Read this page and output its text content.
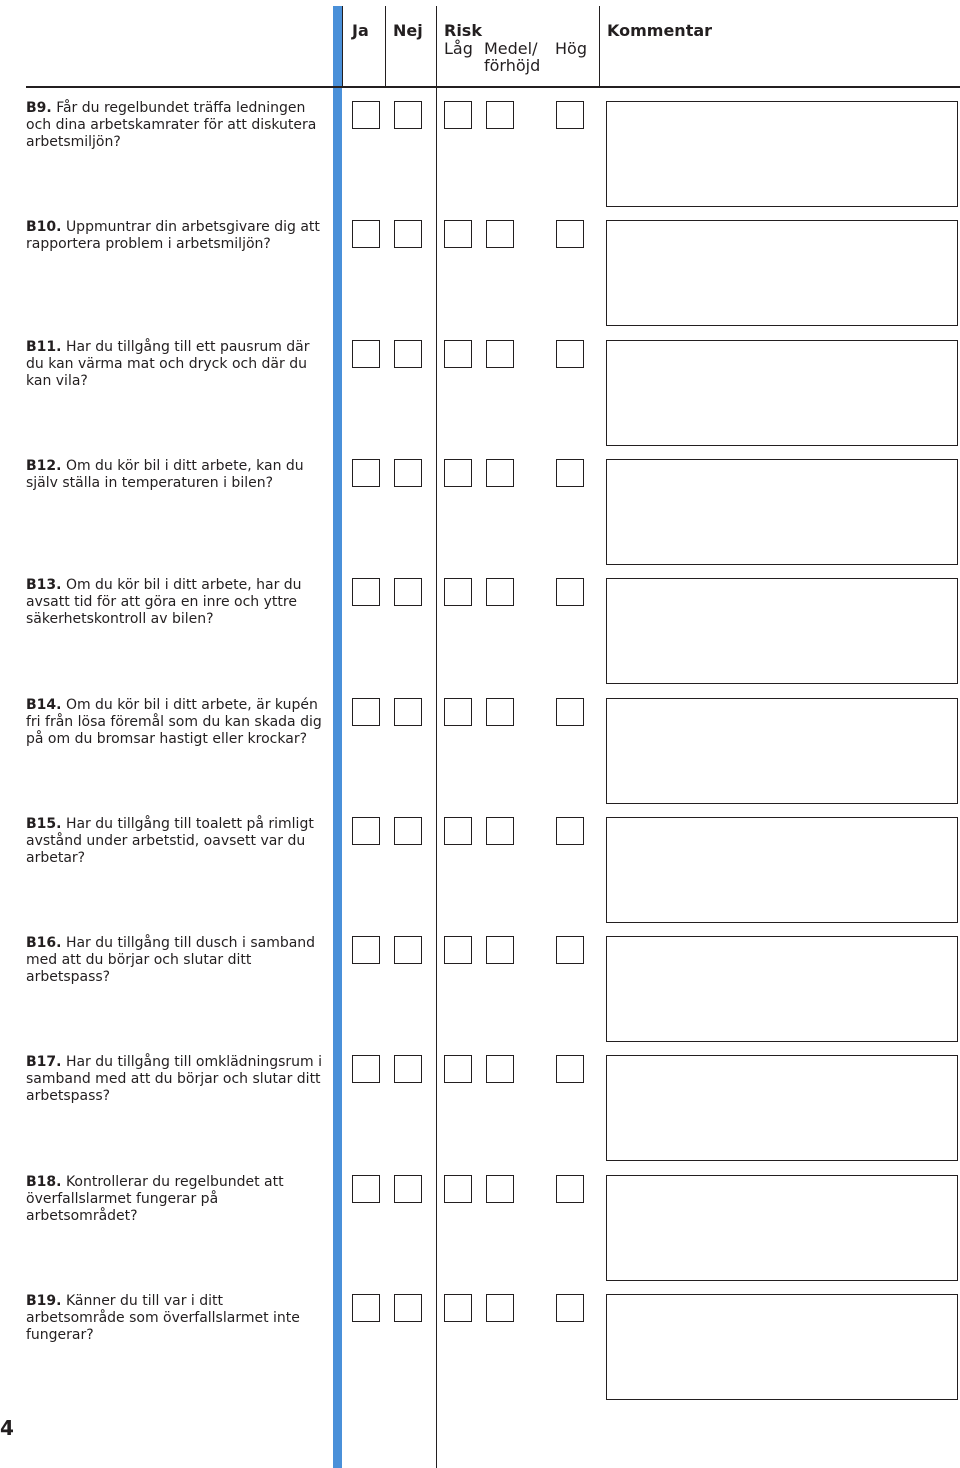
Ja Nej Risk
Låg Medel/
förhöjd
Hög
Kommentar
B9. Får du regelbundet träffa ledningen och dina arbetskamrater för att diskutera arbetsmiljön?
B10. Uppmuntrar din arbetsgivare dig att rapportera problem i arbetsmiljön?
B11. Har du tillgång till ett pausrum där du kan värma mat och dryck och där du kan vila?
B12. Om du kör bil i ditt arbete, kan du själv ställa in temperaturen i bilen?
B13. Om du kör bil i ditt arbete, har du avsatt tid för att göra en inre och yttre säkerhetskontroll av bilen?
B14. Om du kör bil i ditt arbete, är kupén fri från lösa föremål som du kan skada dig på om du bromsar hastigt eller krockar?
B15. Har du tillgång till toalett på rimligt avstånd under arbetstid, oavsett var du arbetar?
B16. Har du tillgång till dusch i samband med att du börjar och slutar ditt arbetspass?
B17. Har du tillgång till omklädningsrum i samband med att du börjar och slutar ditt arbetspass?
B18. Kontrollerar du regelbundet att överfallslarmet fungerar på arbetsområdet?
B19. Känner du till var i ditt arbetsområde som överfallslarmet inte fungerar?
4
